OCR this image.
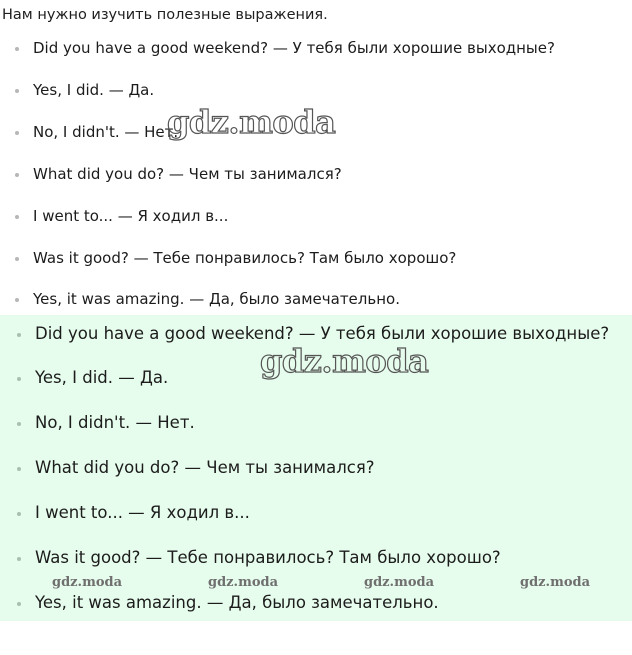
Нам нужно изучить полезные выражения.

Did you have a good weekend? — У тебя были хорошие выходные?
Yes, I did. — Да.
No, I didn't. — Нет.
What did you do? — Чем ты занимался?
I went to... — Я ходил в...
Was it good? — Тебе понравилось? Там было хорошо?
Yes, it was amazing. — Да, было замечательно.
Did you have a good weekend? — У тебя были хорошие выходные?
Yes, I did. — Да.
No, I didn't. — Нет.
What did you do? — Чем ты занимался?
I went to... — Я ходил в...
Was it good? — Тебе понравилось? Там было хорошо?
Yes, it was amazing. — Да, было замечательно.
gdz.moda
gdz.moda
gdz.moda	gdz.moda	gdz.moda	gdz.moda
